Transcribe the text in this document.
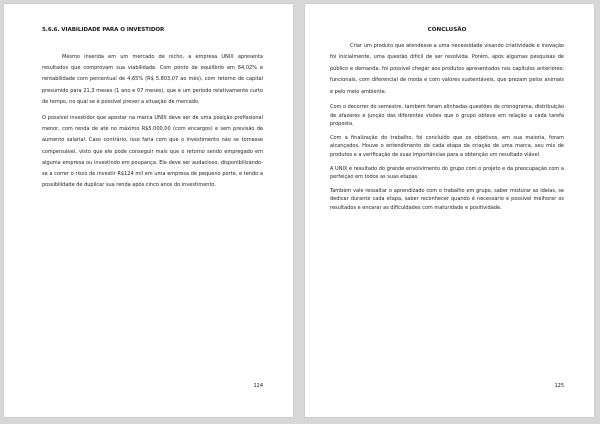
5.6.6. VIABILIDADE PARA O INVESTIDOR

Mesmo inserida em um mercado de nicho, a empresa UNIX apresenta resultados que comprovam sua viabilidade. Com ponto de equilíbrio em 64,02% e rentabilidade com percentual de 4,65% (R$ 5.803,07 ao mês), com retorno de capital presumido para 21,3 meses (1 ano e 07 meses), que é um período relativamente curto de tempo, no qual se é possível prever a situação de mercado.

O possível investidor que apostar na marca UNIX deve ser de uma posição profissional menor, com renda de até no máximo R$5.000,00 (com encargos) e sem previsão de aumento salarial. Caso contrário, isso faria com que o investimento não se tornasse compensável, visto que ele pode conseguir mais que o retorno sendo empregado em alguma empresa ou investindo em poupança. Ele deve ser audacioso, disponibilizando-se a correr o risco de investir R$124 mil em uma empresa de pequeno porte, e tendo a possibilidade de duplicar sua renda após cinco anos do investimento.

124
CONCLUSÃO

Criar um produto que atendesse a uma necessidade visando criatividade e inovação foi inicialmente, uma questão difícil de ser resolvida. Porém, após algumas pesquisas de público e demanda, foi possível chegar aos produtos apresentados nos capítulos anteriores; funcionais, com diferencial de moda e com valores sustentáveis, que prezam pelos animais e pelo meio ambiente.

Com o decorrer do semestre, também foram alinhadas questões de cronograma, distribuição de afazeres e junção das diferentes visões que o grupo obteve em relação a cada tarefa proposta.

Com a finalização do trabalho, foi concluído que os objetivos, em sua maioria, foram alcançados. Houve o entendimento de cada etapa da criação de uma marca, seu mix de produtos e a verificação de suas importâncias para a obtenção um resultado viável.

A UNIX é resultado do grande envolvimento do grupo com o projeto e da preocupação com a perfeição em todos as suas etapas.

Também vale ressaltar o aprendizado com o trabalho em grupo, saber misturar as ideias, se dedicar durante cada etapa, saber reconhecer quando é necessário e possível melhorar os resultados e encarar as dificuldades com maturidade e positividade.

125
